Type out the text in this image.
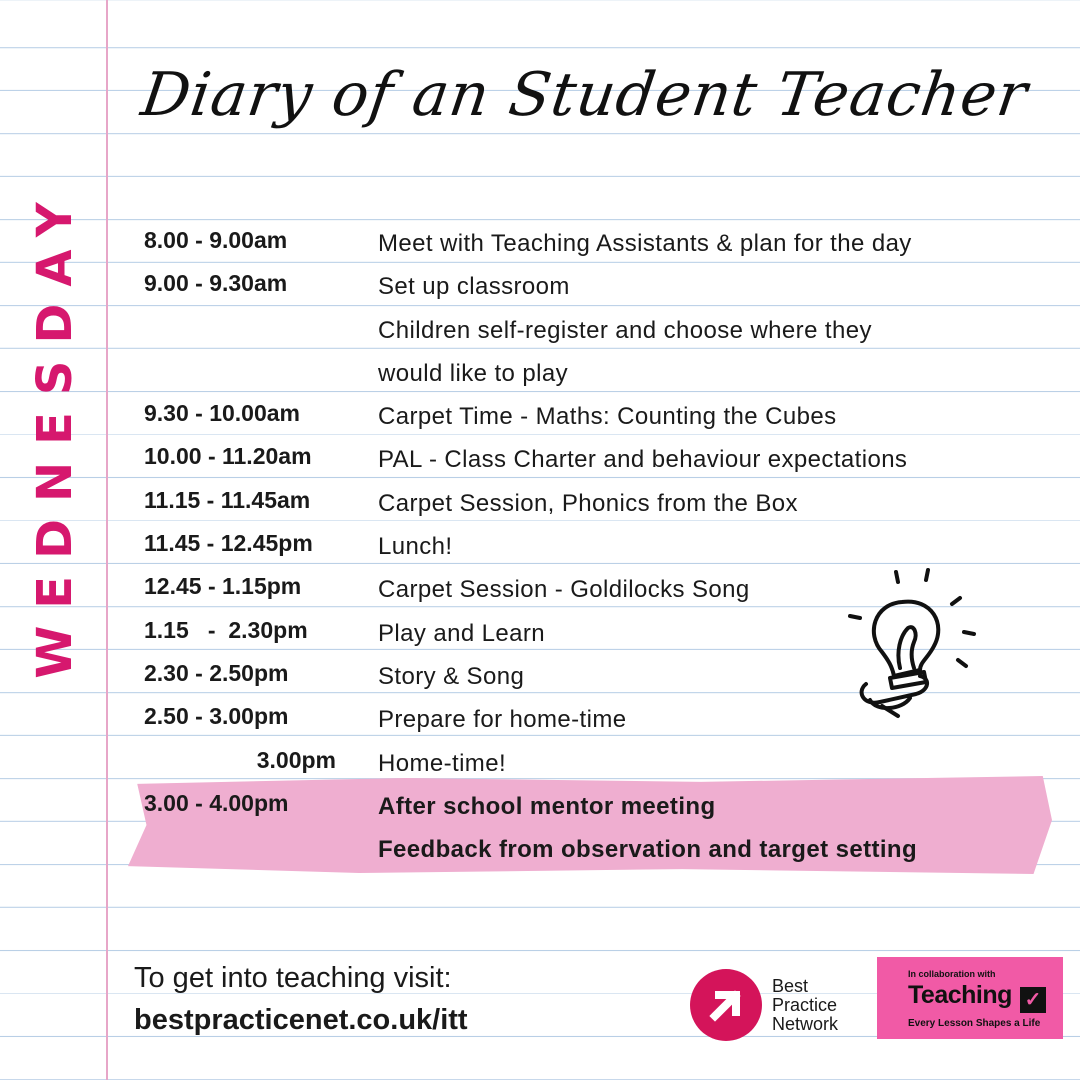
Diary of an Student Teacher
WEDNESDAY	8.00 - 9.00am	Meet with Teaching Assistants & plan for the day
9.00 - 9.30am	Set up classroom
Children self-register and choose where they
would like to play
9.30 - 10.00am	Carpet Time - Maths: Counting the Cubes
10.00 - 11.20am	PAL - Class Charter and behaviour expectations
11.15 - 11.45am	Carpet Session, Phonics from the Box
11.45 - 12.45pm	Lunch!
12.45 - 1.15pm	Carpet Session - Goldilocks Song
1.15   -  2.30pm	Play and Learn
2.30 - 2.50pm	Story & Song
2.50 - 3.00pm	Prepare for home-time
3.00pm Home-time!
3.00 - 4.00pm	After school mentor meeting
Feedback from observation and target setting
To get into teaching visit:
bestpracticenet.co.uk/itt
Best
Practice
Network
In collaboration with
Teaching ✓
Every Lesson Shapes a Life
